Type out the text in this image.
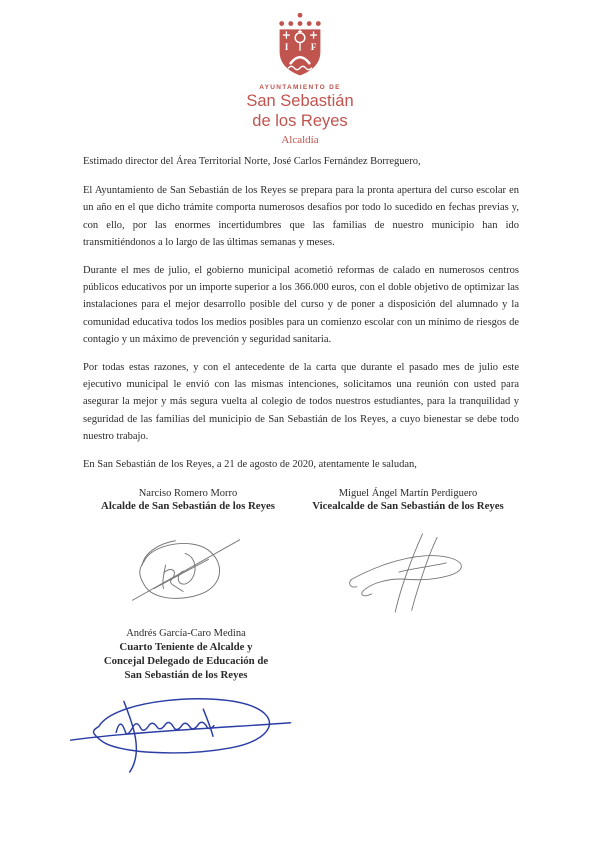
I F
AYUNTAMIENTO DE
San Sebastián
de los Reyes
Alcaldía

Estimado director del Área Territorial Norte, José Carlos Fernández Borreguero,

El Ayuntamiento de San Sebastián de los Reyes se prepara para la pronta apertura del curso escolar en un año en el que dicho trámite comporta numerosos desafíos por todo lo sucedido en fechas previas y, con ello, por las enormes incertidumbres que las familias de nuestro municipio han ido transmitiéndonos a lo largo de las últimas semanas y meses.

Durante el mes de julio, el gobierno municipal acometió reformas de calado en numerosos centros públicos educativos por un importe superior a los 366.000 euros, con el doble objetivo de optimizar las instalaciones para el mejor desarrollo posible del curso y de poner a disposición del alumnado y la comunidad educativa todos los medios posibles para un comienzo escolar con un mínimo de riesgos de contagio y un máximo de prevención y seguridad sanitaria.

Por todas estas razones, y con el antecedente de la carta que durante el pasado mes de julio este ejecutivo municipal le envió con las mismas intenciones, solicitamos una reunión con usted para asegurar la mejor y más segura vuelta al colegio de todos nuestros estudiantes, para la tranquilidad y seguridad de las familias del municipio de San Sebastián de los Reyes, a cuyo bienestar se debe todo nuestro trabajo.

En San Sebastián de los Reyes, a 21 de agosto de 2020, atentamente le saludan,

Narciso Romero Morro
Alcalde de San Sebastián de los Reyes
Miguel Ángel Martín Perdiguero
Vicealcalde de San Sebastián de los Reyes
Andrés García-Caro Medina
Cuarto Teniente de Alcalde y
Concejal Delegado de Educación de
San Sebastián de los Reyes
